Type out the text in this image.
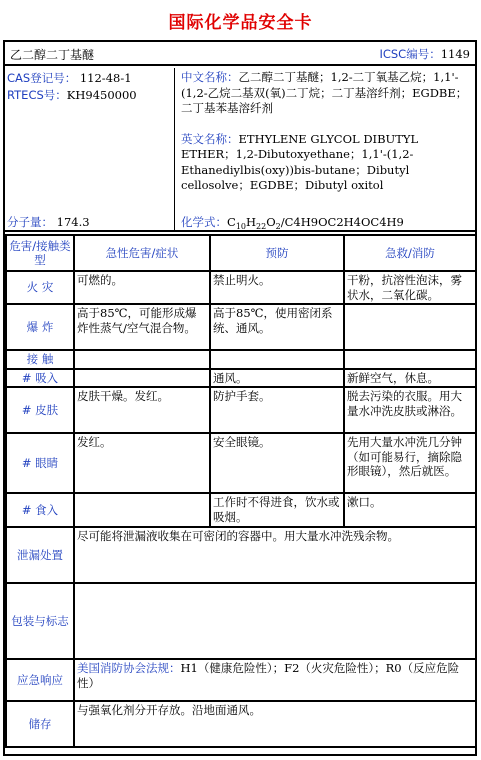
国际化学品安全卡
乙二醇二丁基醚	ICSC编号：1149
CAS登记号： 112-48-1
RTECS号：KH9450000

中文名称：乙二醇二丁基醚；1,2-二丁氧基乙烷；1,1'-(1,2-乙烷二基双(氧)二丁烷；二丁基溶纤剂；EGDBE；二丁基苯基溶纤剂

英文名称：ETHYLENE GLYCOL DIBUTYL ETHER；1,2-Dibutoxyethane；1,1'-(1,2-Ethanediylbis(oxy))bis-butane；Dibutyl cellosolve；EGDBE；Dibutyl oxitol

分子量： 174.3	化学式：$C_{10}H_{22}O_2/C4H9OC2H4OC4H9$
危害/接触类型	急性危害/症状	预防	急救/消防
火 灾	可燃的。	禁止明火。	干粉，抗溶性泡沫，雾状水，二氧化碳。
爆 炸	高于85℃，可能形成爆炸性蒸气/空气混合物。	高于85℃，使用密闭系统、通风。	
接 触			
# 吸入		通风。	新鲜空气，休息。
# 皮肤	皮肤干燥。发红。	防护手套。	脱去污染的衣服。用大量水冲洗皮肤或淋浴。
# 眼睛	发红。	安全眼镜。	先用大量水冲洗几分钟（如可能易行，摘除隐形眼镜），然后就医。
# 食入		工作时不得进食，饮水或吸烟。	漱口。
泄漏处置	尽可能将泄漏液收集在可密闭的容器中。用大量水冲洗残余物。		
包装与标志			
应急响应	美国消防协会法规：H1（健康危险性）；F2（火灾危险性）；R0（反应危险性）		
储存	与强氧化剂分开存放。沿地面通风。		
